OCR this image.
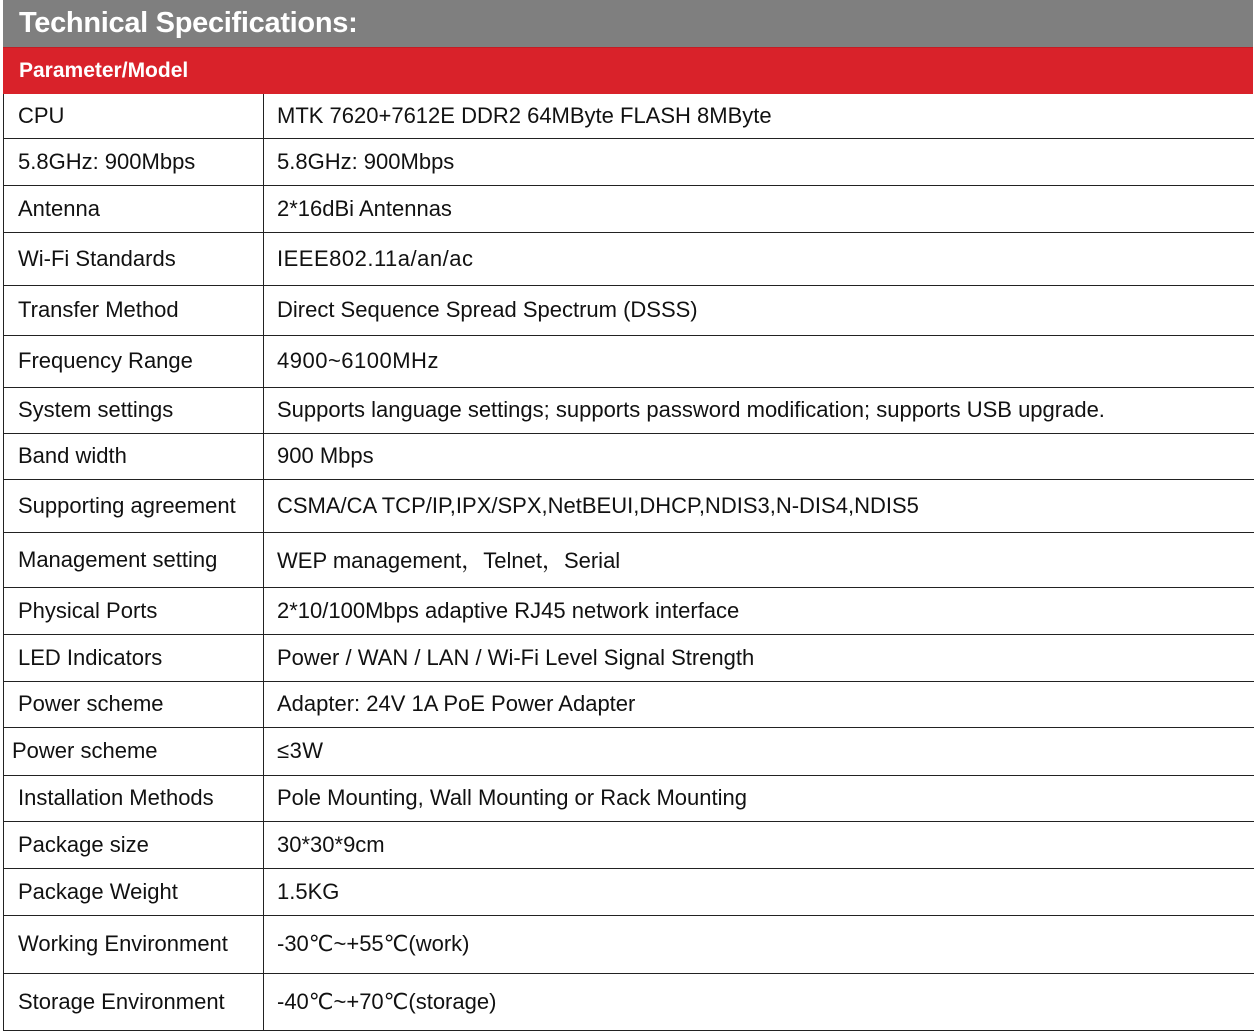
Technical Specifications:
Parameter/Model
CPU	MTK 7620+7612E DDR2 64MByte FLASH 8MByte
5.8GHz: 900Mbps	5.8GHz: 900Mbps
Antenna	2*16dBi Antennas
Wi-Fi Standards	IEEE802.11a/an/ac
Transfer Method	Direct Sequence Spread Spectrum (DSSS)
Frequency Range	4900~6100MHz
System settings	Supports language settings; supports password modification; supports USB upgrade.
Band width	900 Mbps
Supporting agreement	CSMA/CA TCP/IP,IPX/SPX,NetBEUI,DHCP,NDIS3,N-DIS4,NDIS5
Management setting	WEP management，Telnet，Serial
Physical Ports	2*10/100Mbps adaptive RJ45 network interface
LED Indicators	Power / WAN / LAN / Wi-Fi Level Signal Strength
Power scheme	Adapter: 24V 1A PoE Power Adapter
Power scheme	≤3W
Installation Methods	Pole Mounting, Wall Mounting or Rack Mounting
Package size	30*30*9cm
Package Weight	1.5KG
Working Environment	-30℃~+55℃(work)
Storage Environment	-40℃~+70℃(storage)
